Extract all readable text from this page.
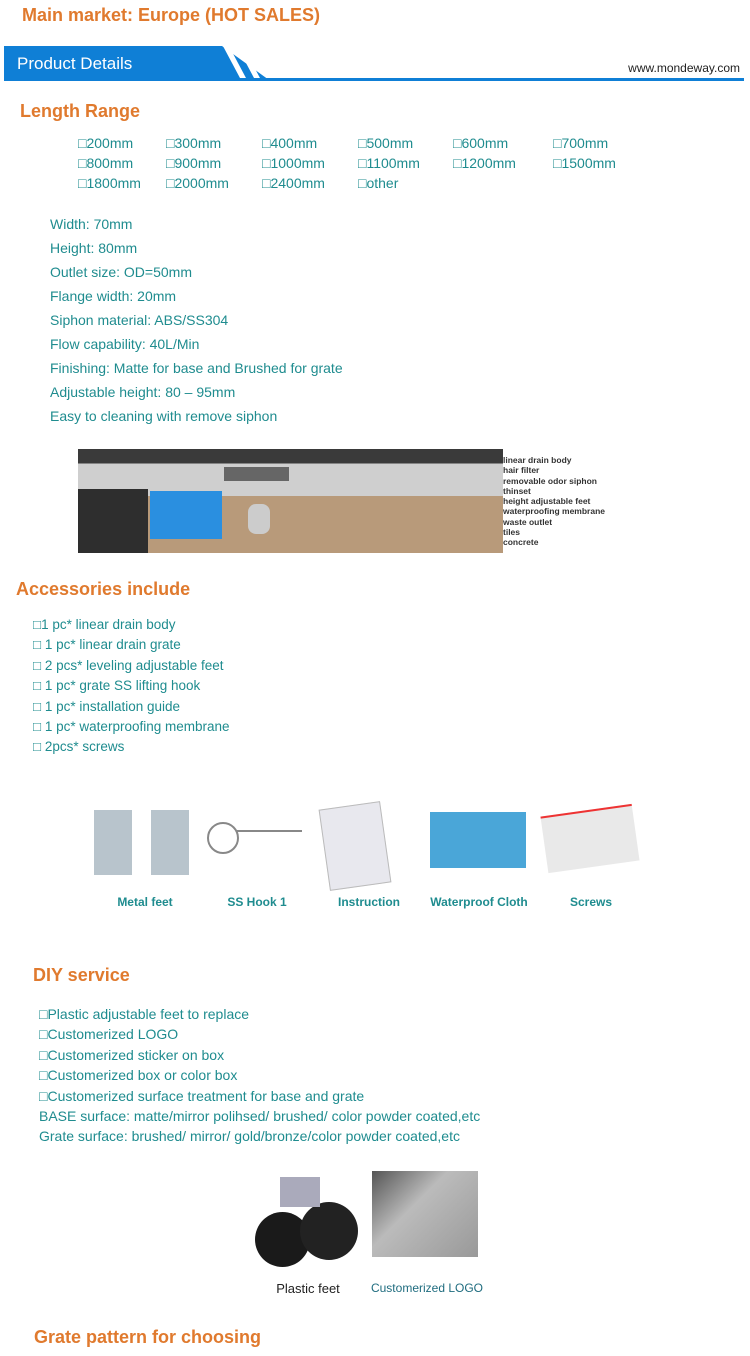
Main market: Europe (HOT SALES)
Product Details	www.mondeway.com
Length Range
□200mm	□300mm	□400mm	□500mm	□600mm	□700mm
□800mm	□900mm	□1000mm	□1100mm	□1200mm	□1500mm
□1800mm	□2000mm	□2400mm	□other
Width: 70mm
Height: 80mm
Outlet size: OD=50mm
Flange width: 20mm
Siphon material: ABS/SS304
Flow capability: 40L/Min
Finishing: Matte for base and Brushed for grate
Adjustable height: 80 – 95mm
Easy to cleaning with remove siphon
linear drain body
hair filter
removable odor siphon
thinset
height adjustable feet
waterproofing membrane
waste outlet
tiles
concrete
Accessories include
□1 pc* linear drain body
□ 1 pc* linear drain grate
□ 2 pcs* leveling adjustable feet
□ 1 pc* grate SS lifting hook
□ 1 pc* installation guide
□ 1 pc* waterproofing membrane
□ 2pcs* screws
Metal feet	SS Hook 1	Instruction	Waterproof Cloth	Screws
DIY service
□Plastic adjustable feet to replace
□Customerized LOGO
□Customerized sticker on box
□Customerized box or color box
□Customerized surface treatment for base and grate
BASE surface: matte/mirror polihsed/ brushed/ color powder coated,etc
Grate surface: brushed/ mirror/ gold/bronze/color powder coated,etc
Plastic feet	Customerized LOGO
Grate pattern for choosing
